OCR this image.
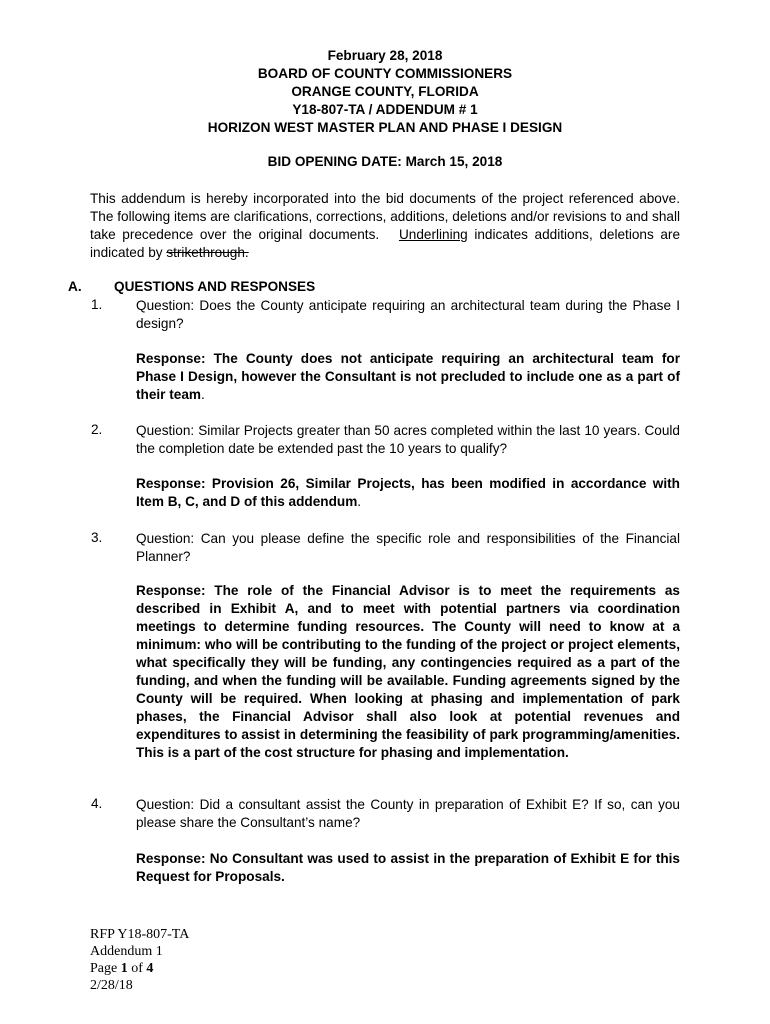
February 28, 2018
BOARD OF COUNTY COMMISSIONERS
ORANGE COUNTY, FLORIDA
Y18-807-TA / ADDENDUM # 1
HORIZON WEST MASTER PLAN AND PHASE I DESIGN
BID OPENING DATE: March 15, 2018
This addendum is hereby incorporated into the bid documents of the project referenced above. The following items are clarifications, corrections, additions, deletions and/or revisions to and shall take precedence over the original documents. Underlining indicates additions, deletions are indicated by strikethrough.
A. QUESTIONS AND RESPONSES
1. Question: Does the County anticipate requiring an architectural team during the Phase I design?
Response: The County does not anticipate requiring an architectural team for Phase I Design, however the Consultant is not precluded to include one as a part of their team.
2. Question: Similar Projects greater than 50 acres completed within the last 10 years. Could the completion date be extended past the 10 years to qualify?
Response: Provision 26, Similar Projects, has been modified in accordance with Item B, C, and D of this addendum.
3. Question: Can you please define the specific role and responsibilities of the Financial Planner?
Response: The role of the Financial Advisor is to meet the requirements as described in Exhibit A, and to meet with potential partners via coordination meetings to determine funding resources. The County will need to know at a minimum: who will be contributing to the funding of the project or project elements, what specifically they will be funding, any contingencies required as a part of the funding, and when the funding will be available. Funding agreements signed by the County will be required. When looking at phasing and implementation of park phases, the Financial Advisor shall also look at potential revenues and expenditures to assist in determining the feasibility of park programming/amenities. This is a part of the cost structure for phasing and implementation.
4. Question: Did a consultant assist the County in preparation of Exhibit E? If so, can you please share the Consultant’s name?
Response: No Consultant was used to assist in the preparation of Exhibit E for this Request for Proposals.
RFP Y18-807-TA
Addendum 1
Page 1 of 4
2/28/18
